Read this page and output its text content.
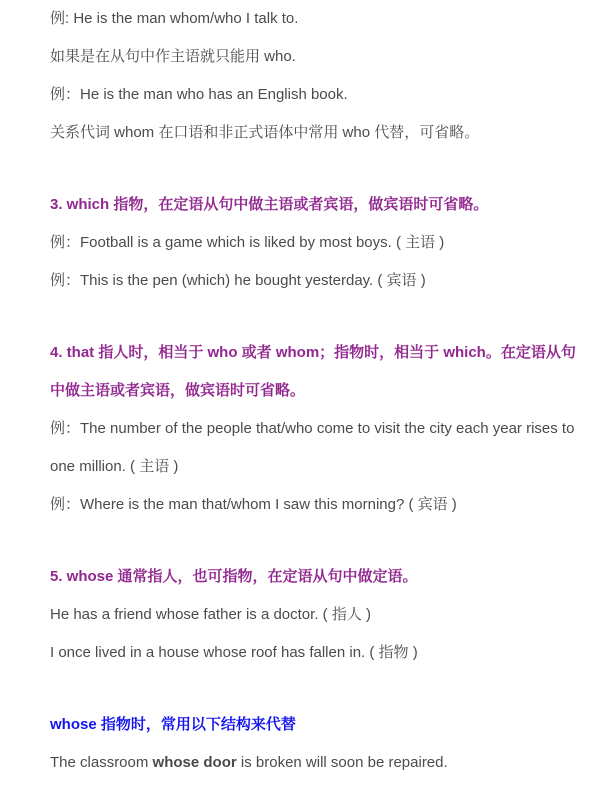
例: He is the man whom/who I talk to.

如果是在从句中作主语就只能用 who.

例：He is the man who has an English book.

关系代词 whom 在口语和非正式语体中常用 who 代替，可省略。

3. which 指物，在定语从句中做主语或者宾语，做宾语时可省略。

例：Football is a game which is liked by most boys. ( 主语 )

例：This is the pen (which) he bought yesterday. ( 宾语 )

4. that 指人时，相当于 who 或者 whom；指物时，相当于 which。在定语从句中做主语或者宾语，做宾语时可省略。

例：The number of the people that/who come to visit the city each year rises to one million. ( 主语 )

例：Where is the man that/whom I saw this morning? ( 宾语 )

5. whose 通常指人，也可指物，在定语从句中做定语。

He has a friend whose father is a doctor. ( 指人 )

I once lived in a house whose roof has fallen in. ( 指物 )

whose 指物时，常用以下结构来代替

The classroom whose door is broken will soon be repaired.
